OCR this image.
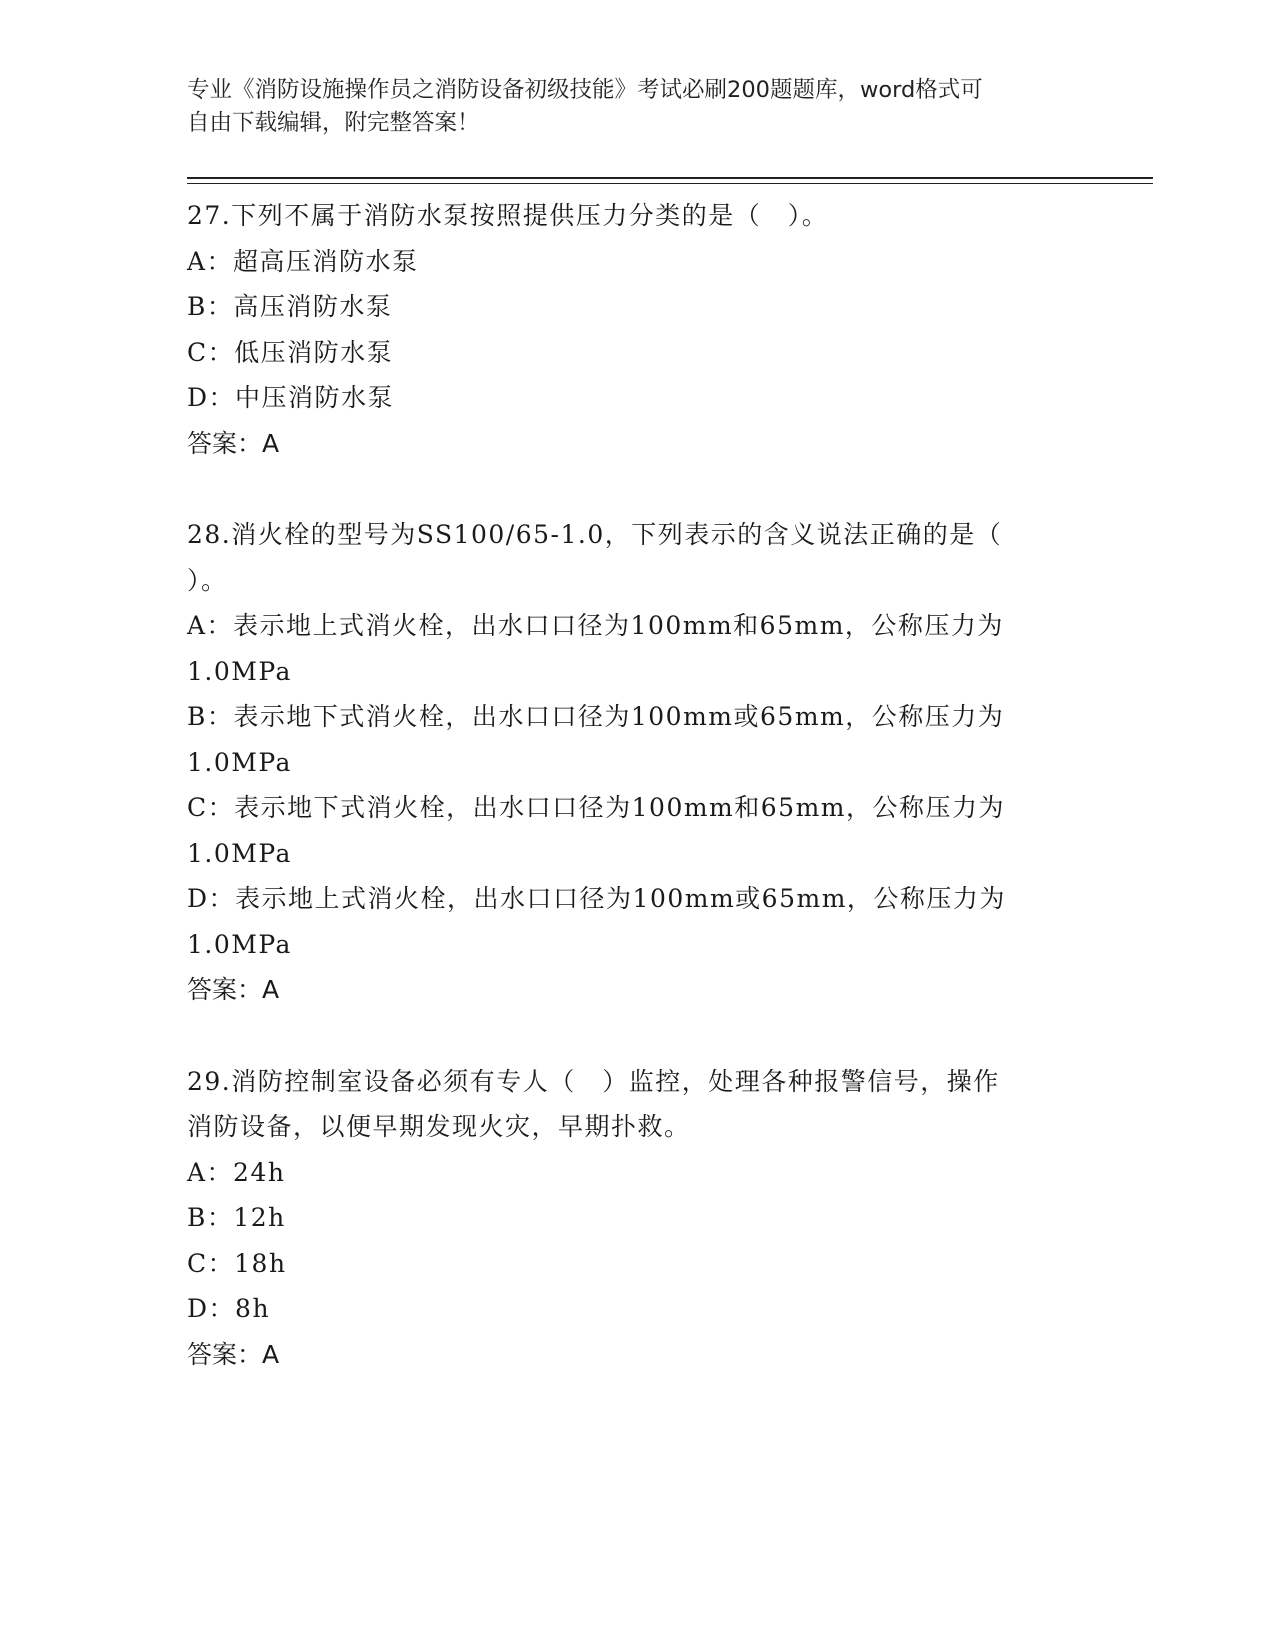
专业《消防设施操作员之消防设备初级技能》考试必刷200题题库，word格式可
自由下载编辑，附完整答案！
27.下列不属于消防水泵按照提供压力分类的是（　）。
A：超高压消防水泵
B：高压消防水泵
C：低压消防水泵
D：中压消防水泵
答案：A
28.消火栓的型号为SS100/65-1.0，下列表示的含义说法正确的是（
）。
A：表示地上式消火栓，出水口口径为100mm和65mm，公称压力为
1.0MPa
B：表示地下式消火栓，出水口口径为100mm或65mm，公称压力为
1.0MPa
C：表示地下式消火栓，出水口口径为100mm和65mm，公称压力为
1.0MPa
D：表示地上式消火栓，出水口口径为100mm或65mm，公称压力为
1.0MPa
答案：A
29.消防控制室设备必须有专人（　）监控，处理各种报警信号，操作
消防设备，以便早期发现火灾，早期扑救。
A：24h
B：12h
C：18h
D：8h
答案：A
